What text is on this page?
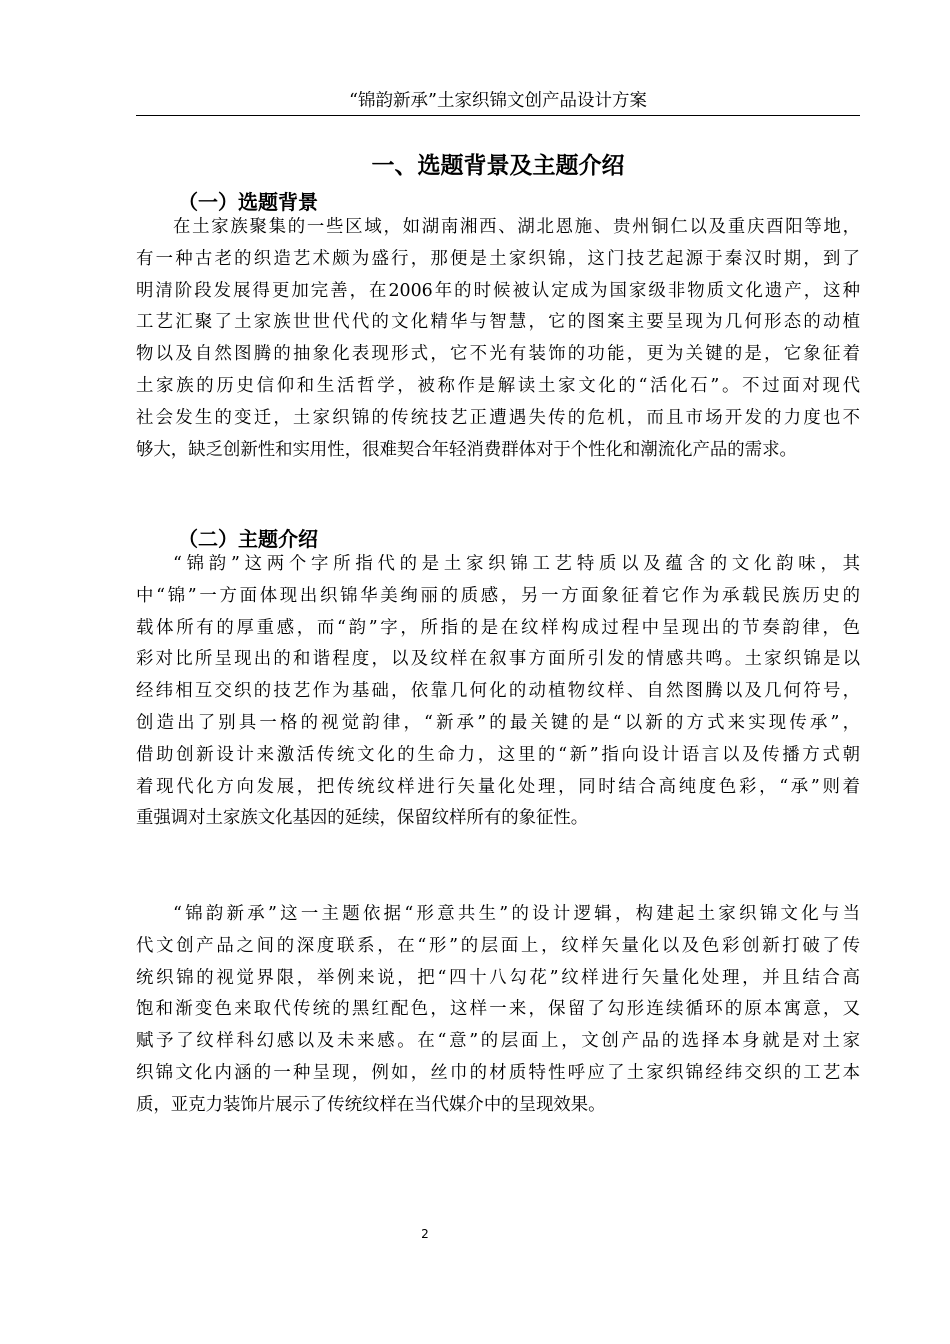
“锦韵新承”土家织锦文创产品设计方案
一、选题背景及主题介绍
（一）选题背景
在土家族聚集的一些区域，如湖南湘西、湖北恩施、贵州铜仁以及重庆酉阳等地，
有一种古老的织造艺术颇为盛行，那便是土家织锦，这门技艺起源于秦汉时期，到了
明清阶段发展得更加完善，在2006年的时候被认定成为国家级非物质文化遗产，这种
工艺汇聚了土家族世世代代的文化精华与智慧，它的图案主要呈现为几何形态的动植
物以及自然图腾的抽象化表现形式，它不光有装饰的功能，更为关键的是，它象征着
土家族的历史信仰和生活哲学，被称作是解读土家文化的“活化石”。不过面对现代
社会发生的变迁，土家织锦的传统技艺正遭遇失传的危机，而且市场开发的力度也不
够大，缺乏创新性和实用性，很难契合年轻消费群体对于个性化和潮流化产品的需求。
（二）主题介绍
“锦韵”这两个字所指代的是土家织锦工艺特质以及蕴含的文化韵味，其
中“锦”一方面体现出织锦华美绚丽的质感，另一方面象征着它作为承载民族历史的
载体所有的厚重感，而“韵”字，所指的是在纹样构成过程中呈现出的节奏韵律，色
彩对比所呈现出的和谐程度，以及纹样在叙事方面所引发的情感共鸣。土家织锦是以
经纬相互交织的技艺作为基础，依靠几何化的动植物纹样、自然图腾以及几何符号，
创造出了别具一格的视觉韵律，“新承”的最关键的是“以新的方式来实现传承”，
借助创新设计来激活传统文化的生命力，这里的“新”指向设计语言以及传播方式朝
着现代化方向发展，把传统纹样进行矢量化处理，同时结合高纯度色彩，“承”则着
重强调对土家族文化基因的延续，保留纹样所有的象征性。
“锦韵新承”这一主题依据“形意共生”的设计逻辑，构建起土家织锦文化与当
代文创产品之间的深度联系，在“形”的层面上，纹样矢量化以及色彩创新打破了传
统织锦的视觉界限，举例来说，把“四十八勾花”纹样进行矢量化处理，并且结合高
饱和渐变色来取代传统的黑红配色，这样一来，保留了勾形连续循环的原本寓意，又
赋予了纹样科幻感以及未来感。在“意”的层面上，文创产品的选择本身就是对土家
织锦文化内涵的一种呈现，例如，丝巾的材质特性呼应了土家织锦经纬交织的工艺本
质，亚克力装饰片展示了传统纹样在当代媒介中的呈现效果。
2
